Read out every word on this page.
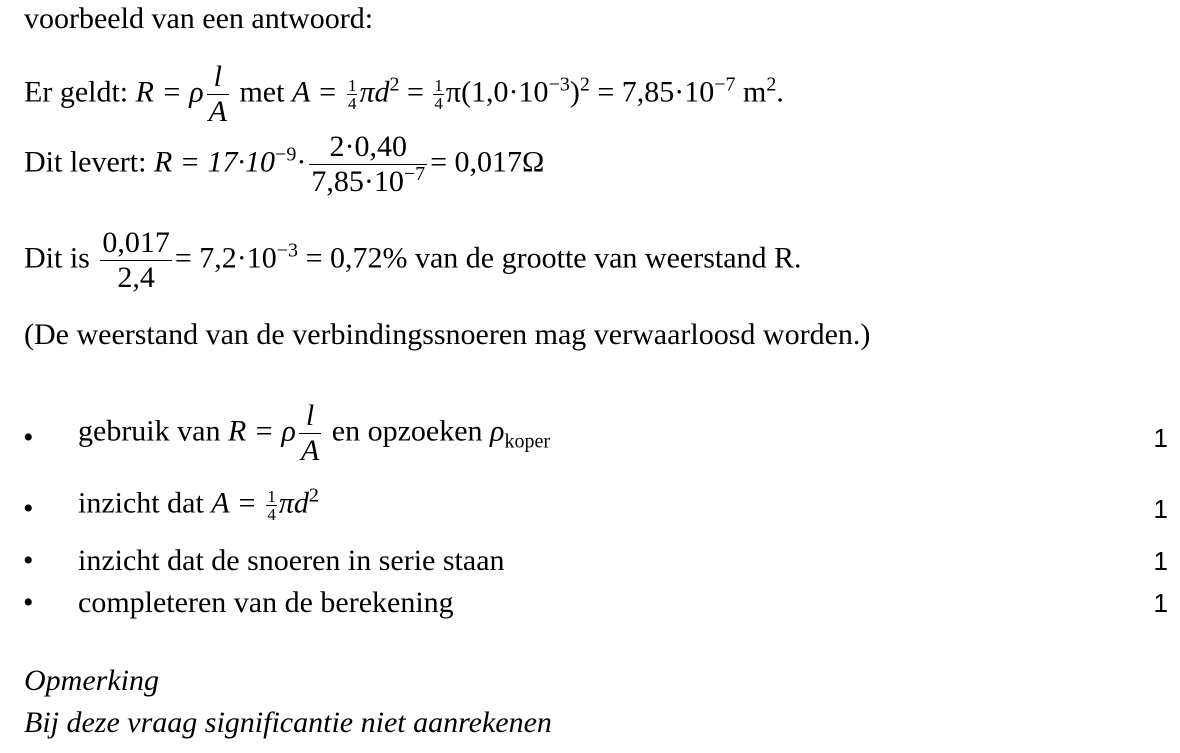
voorbeeld van een antwoord:
Er geldt: R = ρ $\frac{l}{A}$ met $A = \frac{1}{4} \pi d^2 = \frac{1}{4} \pi(1,0\cdot 10^{-3})^2 = 7,85\cdot 10^{-7}$ $m^2$.
Dit levert: $R = 17\cdot 10^{-9}\cdot \frac{2\cdot 0,40}{7,85\cdot 10^{-7}} = 0,017\Omega$
Dit is $\frac{0,017}{2,4} = 7,2\cdot 10^{-3} = 0,72\%$ van de grootte van weerstand R.
(De weerstand van de verbindingssnoeren mag verwaarloosd worden.)
• gebruik van R = ρ $\frac{l}{A}$ en opzoeken $\rho_{koper}$	1
• inzicht dat $A = \frac{1}{4} \pi d^2$	1
• inzicht dat de snoeren in serie staan	1
• completeren van de berekening	1
Opmerking
Bij deze vraag significantie niet aanrekenen
